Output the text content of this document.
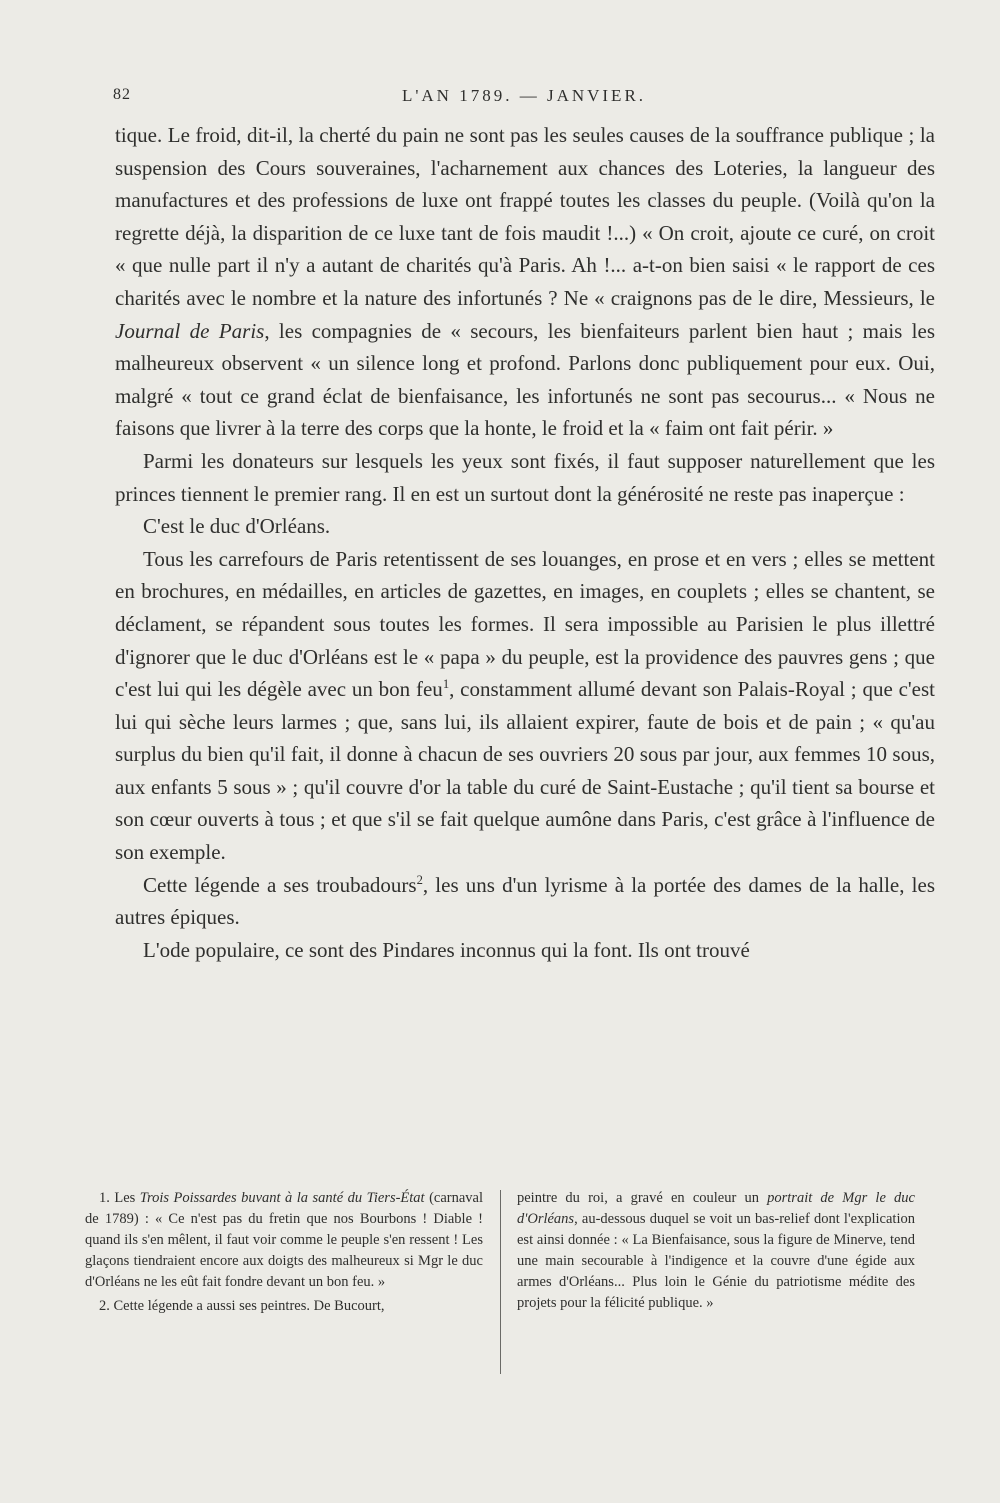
82	L'AN 1789. — JANVIER.

tique. Le froid, dit-il, la cherté du pain ne sont pas les seules causes de la souffrance publique ; la suspension des Cours souveraines, l'acharnement aux chances des Loteries, la langueur des manufactures et des professions de luxe ont frappé toutes les classes du peuple. (Voilà qu'on la regrette déjà, la disparition de ce luxe tant de fois maudit !...) « On croit, ajoute ce curé, on croit « que nulle part il n'y a autant de charités qu'à Paris. Ah !... a-t-on bien saisi « le rapport de ces charités avec le nombre et la nature des infortunés ? Ne « craignons pas de le dire, Messieurs, le Journal de Paris, les compagnies de « secours, les bienfaiteurs parlent bien haut ; mais les malheureux observent « un silence long et profond. Parlons donc publiquement pour eux. Oui, malgré « tout ce grand éclat de bienfaisance, les infortunés ne sont pas secourus... « Nous ne faisons que livrer à la terre des corps que la honte, le froid et la « faim ont fait périr. »

Parmi les donateurs sur lesquels les yeux sont fixés, il faut supposer naturellement que les princes tiennent le premier rang. Il en est un surtout dont la générosité ne reste pas inaperçue :

C'est le duc d'Orléans.

Tous les carrefours de Paris retentissent de ses louanges, en prose et en vers ; elles se mettent en brochures, en médailles, en articles de gazettes, en images, en couplets ; elles se chantent, se déclament, se répandent sous toutes les formes. Il sera impossible au Parisien le plus illettré d'ignorer que le duc d'Orléans est le « papa » du peuple, est la providence des pauvres gens ; que c'est lui qui les dégèle avec un bon feu$^1$, constamment allumé devant son Palais-Royal ; que c'est lui qui sèche leurs larmes ; que, sans lui, ils allaient expirer, faute de bois et de pain ; « qu'au surplus du bien qu'il fait, il donne à chacun de ses ouvriers 20 sous par jour, aux femmes 10 sous, aux enfants 5 sous » ; qu'il couvre d'or la table du curé de Saint-Eustache ; qu'il tient sa bourse et son cœur ouverts à tous ; et que s'il se fait quelque aumône dans Paris, c'est grâce à l'influence de son exemple.

Cette légende a ses troubadours$^2$, les uns d'un lyrisme à la portée des dames de la halle, les autres épiques.

L'ode populaire, ce sont des Pindares inconnus qui la font. Ils ont trouvé

1. Les Trois Poissardes buvant à la santé du Tiers-État (carnaval de 1789) : « Ce n'est pas du fretin que nos Bourbons ! Diable ! quand ils s'en mêlent, il faut voir comme le peuple s'en ressent ! Les glaçons tiendraient encore aux doigts des malheureux si Mgr le duc d'Orléans ne les eût fait fondre devant un bon feu. »

2. Cette légende a aussi ses peintres. De Bucourt,

peintre du roi, a gravé en couleur un portrait de Mgr le duc d'Orléans, au-dessous duquel se voit un bas-relief dont l'explication est ainsi donnée : « La Bienfaisance, sous la figure de Minerve, tend une main secourable à l'indigence et la couvre d'une égide aux armes d'Orléans... Plus loin le Génie du patriotisme médite des projets pour la félicité publique. »
